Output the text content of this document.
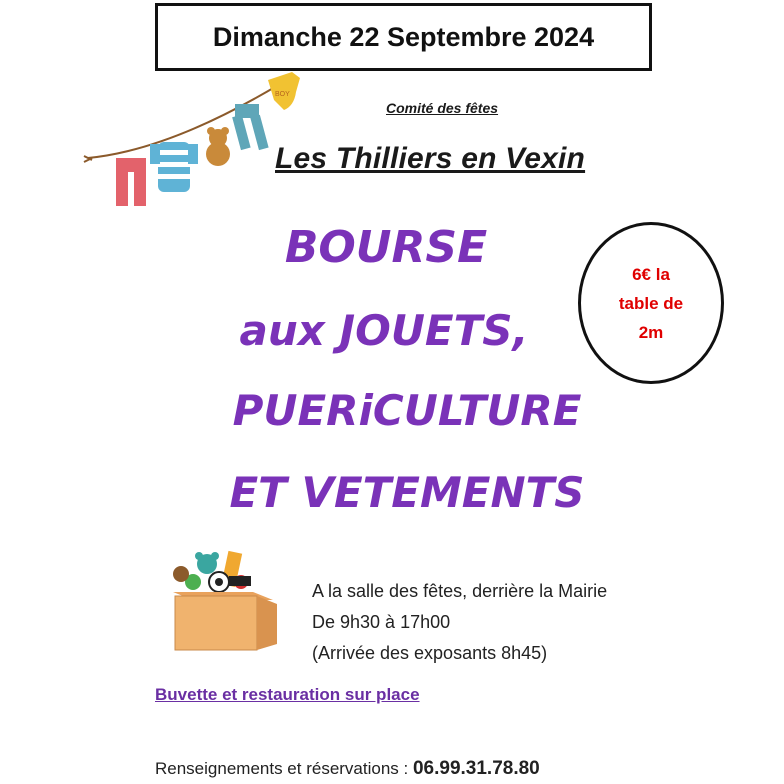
Dimanche 22 Septembre 2024
BOY
Comité des fêtes
Les Thilliers en Vexin
6€ la
table de
2m
BOURSE
aux JOUETS,
PUERiCULTURE
ET VETEMENTS
A la salle des fêtes, derrière la Mairie
De 9h30 à 17h00
(Arrivée des exposants 8h45)
Buvette et restauration sur place
Renseignements et réservations : 06.99.31.78.80
